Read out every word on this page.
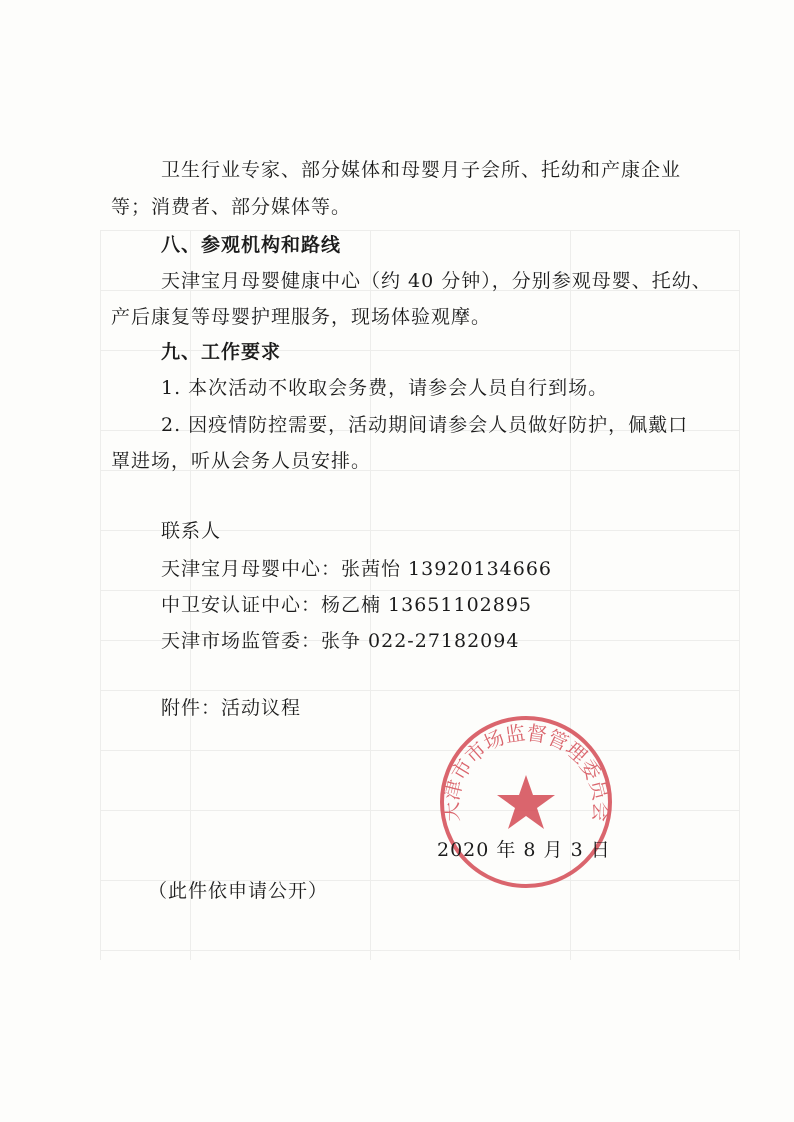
卫生行业专家、部分媒体和母婴月子会所、托幼和产康企业
等；消费者、部分媒体等。
八、参观机构和路线
天津宝月母婴健康中心（约 40 分钟），分别参观母婴、托幼、
产后康复等母婴护理服务，现场体验观摩。
九、工作要求
1. 本次活动不收取会务费，请参会人员自行到场。
2. 因疫情防控需要，活动期间请参会人员做好防护，佩戴口
罩进场，听从会务人员安排。
联系人
天津宝月母婴中心：张茜怡 13920134666
中卫安认证中心：杨乙楠 13651102895
天津市场监管委：张争 022-27182094
附件：活动议程
天津市市场监督管理委员会
2020 年 8 月 3 日
（此件依申请公开）
